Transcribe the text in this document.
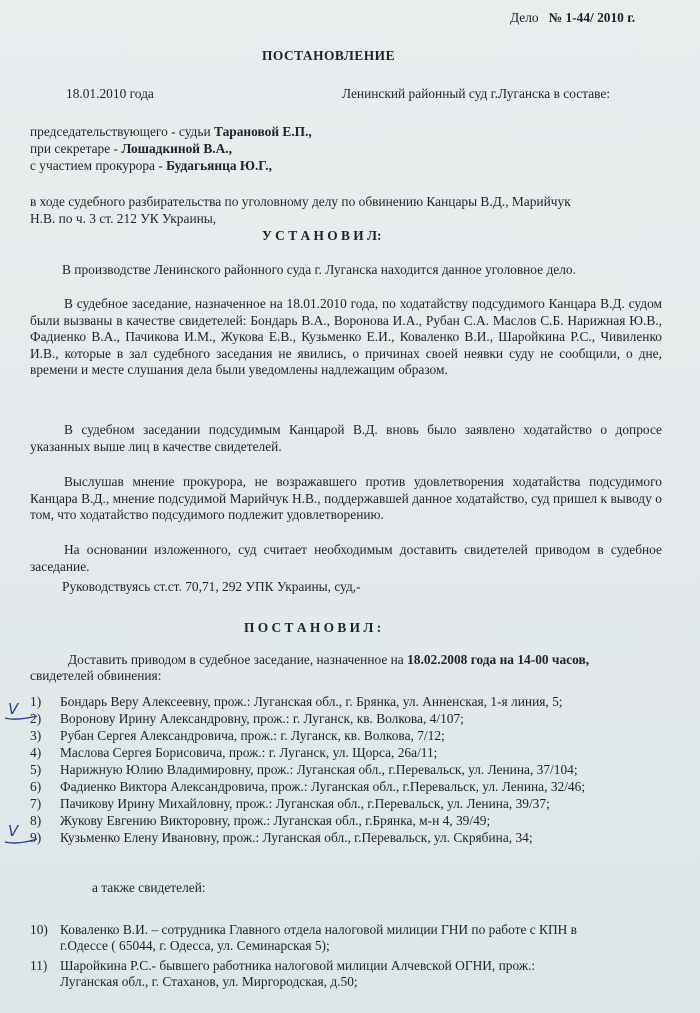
Дело № 1-44/ 2010 г.
ПОСТАНОВЛЕНИЕ
18.01.2010 года	Ленинский районный суд г.Луганска в составе:
председательствующего - судьи Тарановой Е.П.,
при секретаре - Лошадкиной В.А.,
с участием прокурора - Будагьянца Ю.Г.,
в ходе судебного разбирательства по уголовному делу по обвинению Канцары В.Д., Марийчук
Н.В. по ч. 3 ст. 212 УК Украины,
У С Т А Н О В И Л:
В производстве Ленинского районного суда г. Луганска находится данное уголовное дело.
В судебное заседание, назначенное на 18.01.2010 года, по ходатайству подсудимого Канцара В.Д. судом были вызваны в качестве свидетелей: Бондарь В.А., Воронова И.А., Рубан С.А. Маслов С.Б. Нарижная Ю.В., Фадиенко В.А., Пачикова И.М., Жукова Е.В., Кузьменко Е.И., Коваленко В.И., Шаройкина Р.С., Чивиленко И.В., которые в зал судебного заседания не явились, о причинах своей неявки суду не сообщили, о дне, времени и месте слушания дела были уведомлены надлежащим образом.
В судебном заседании подсудимым Канцарой В.Д. вновь было заявлено ходатайство о допросе указанных выше лиц в качестве свидетелей.
Выслушав мнение прокурора, не возражавшего против удовлетворения ходатайства подсудимого Канцара В.Д., мнение подсудимой Марийчук Н.В., поддержавшей данное ходатайство, суд пришел к выводу о том, что ходатайство подсудимого подлежит удовлетворению.
На основании изложенного, суд считает необходимым доставить свидетелей приводом в судебное заседание.
Руководствуясь ст.ст. 70,71, 292 УПК Украины, суд,-
П О С Т А Н О В И Л :
Доставить приводом в судебное заседание, назначенное на 18.02.2008 года на 14-00 часов,
свидетелей обвинения:
1) Бондарь Веру Алексеевну, прож.: Луганская обл., г. Брянка, ул. Анненская, 1-я линия, 5;
2) Воронову Ирину Александровну, прож.: г. Луганск, кв. Волкова, 4/107;
3) Рубан Сергея Александровича, прож.: г. Луганск, кв. Волкова, 7/12;
4) Маслова Сергея Борисовича, прож.: г. Луганск, ул. Щорса, 26а/11;
5) Нарижную Юлию Владимировну, прож.: Луганская обл., г.Перевальск, ул. Ленина, 37/104;
6) Фадиенко Виктора Александровича, прож.: Луганская обл., г.Перевальск, ул. Ленина, 32/46;
7) Пачикову Ирину Михайловну, прож.: Луганская обл., г.Перевальск, ул. Ленина, 39/37;
8) Жукову Евгению Викторовну, прож.: Луганская обл., г.Брянка, м-н 4, 39/49;
9) Кузьменко Елену Ивановну, прож.: Луганская обл., г.Перевальск, ул. Скрябина, 34;
а также свидетелей:
10) Коваленко В.И. – сотрудника Главного отдела налоговой милиции ГНИ по работе с КПН в
г.Одессе ( 65044, г. Одесса, ул. Семинарская 5);
11) Шаройкина Р.С.- бывшего работника налоговой милиции Алчевской ОГНИ, прож.:
Луганская обл., г. Стаханов, ул. Миргородская, д.50;
V
V
